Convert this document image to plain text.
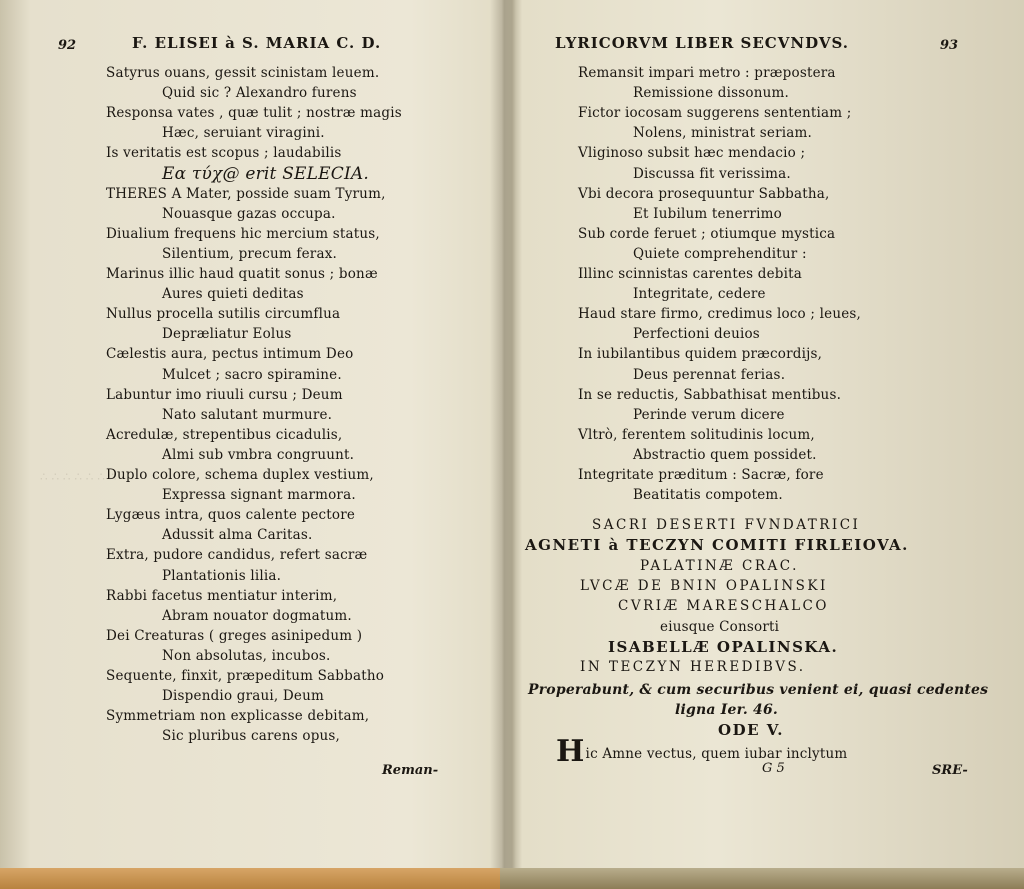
∴ ∴ ∴ ∴ ∴ ∴ ∴
92	F. ELISEI à S. MARIA C. D.
Satyrus ouans, gessit scinistam leuem.
Quid sic ? Alexandro furens
Responsa vates , quæ tulit ; nostræ magis
Hæc, seruiant viragini.
Is veritatis est scopus ; laudabilis
Εα τύχ@ erit SELECIA.
THERES A Mater, possidе suam Tyrum,
Nouasque gazas occupa.
Diualium frequens hic mercium status,
Silentium, precum ferax.
Marinus illic haud quatit sonus ; bonæ
Aures quieti deditas
Nullus procella sutilis circumflua
Depræliatur Eolus
Cælestis aura, pectus intimum Deo
Mulcet ; sacro spiramine.
Labuntur imo riuuli cursu ; Deum
Nato salutant murmure.
Acredulæ, strepentibus cicadulis,
Almi sub vmbra congruunt.
Duplo colore, schema duplex vestium,
Expressa signant marmora.
Lygæus intra, quos calente pectore
Adussit alma Caritas.
Extra, pudore candidus, refert sacræ
Plantationis lilia.
Rabbi facetus mentiatur interim,
Abram nouator dogmatum.
Dei Creaturas ( greges asinipedum )
Non absolutas, incubos.
Sequente, finxit, præpeditum Sabbatho
Dispendio graui, Deum
Symmetriam non explicasse debitam,
Sic pluribus carens opus,
Reman-
LYRICORVM LIBER SECVNDVS.	93
Remansit impari metro : præpostera
Remissione dissonum.
Fictor iocosam suggerens sententiam ;
Nolens, ministrat seriam.
Vliginoso subsit hæc mendacio ;
Discussa fit verissima.
Vbi decora prosequuntur Sabbatha,
Et Iubilum tenerrimo
Sub corde feruet ; otiumque mystica
Quiete comprehenditur :
Illinc scinnistas carentes debita
Integritate, cedere
Haud stare firmo, credimus loco ; leues,
Perfectioni deuios
In iubilantibus quidem præcordijs,
Deus perennat ferias.
In se reductis, Sabbathisat mentibus.
Perinde verum dicere
Vltrò, ferentem solitudinis locum,
Abstractio quem possidet.
Integritate præditum : Sacræ, fore
Beatitatis compotem.
SACRI DESERTI FVNDATRICI
AGNETI à TECZYN COMITI FIRLEIOVA.
PALATINÆ CRAC.
LVCÆ DE BNIN OPALINSKI
CVRIÆ MARESCHALCO
eiusque Consorti
ISABELLÆ OPALINSKA.
IN TECZYN HEREDIBVS.
Properabunt, & cum securibus venient ei, quasi cedentes
ligna Ier. 46.
ODE V.
Hic Amne vectus, quem iubar inclytum
G 5	SRE-
